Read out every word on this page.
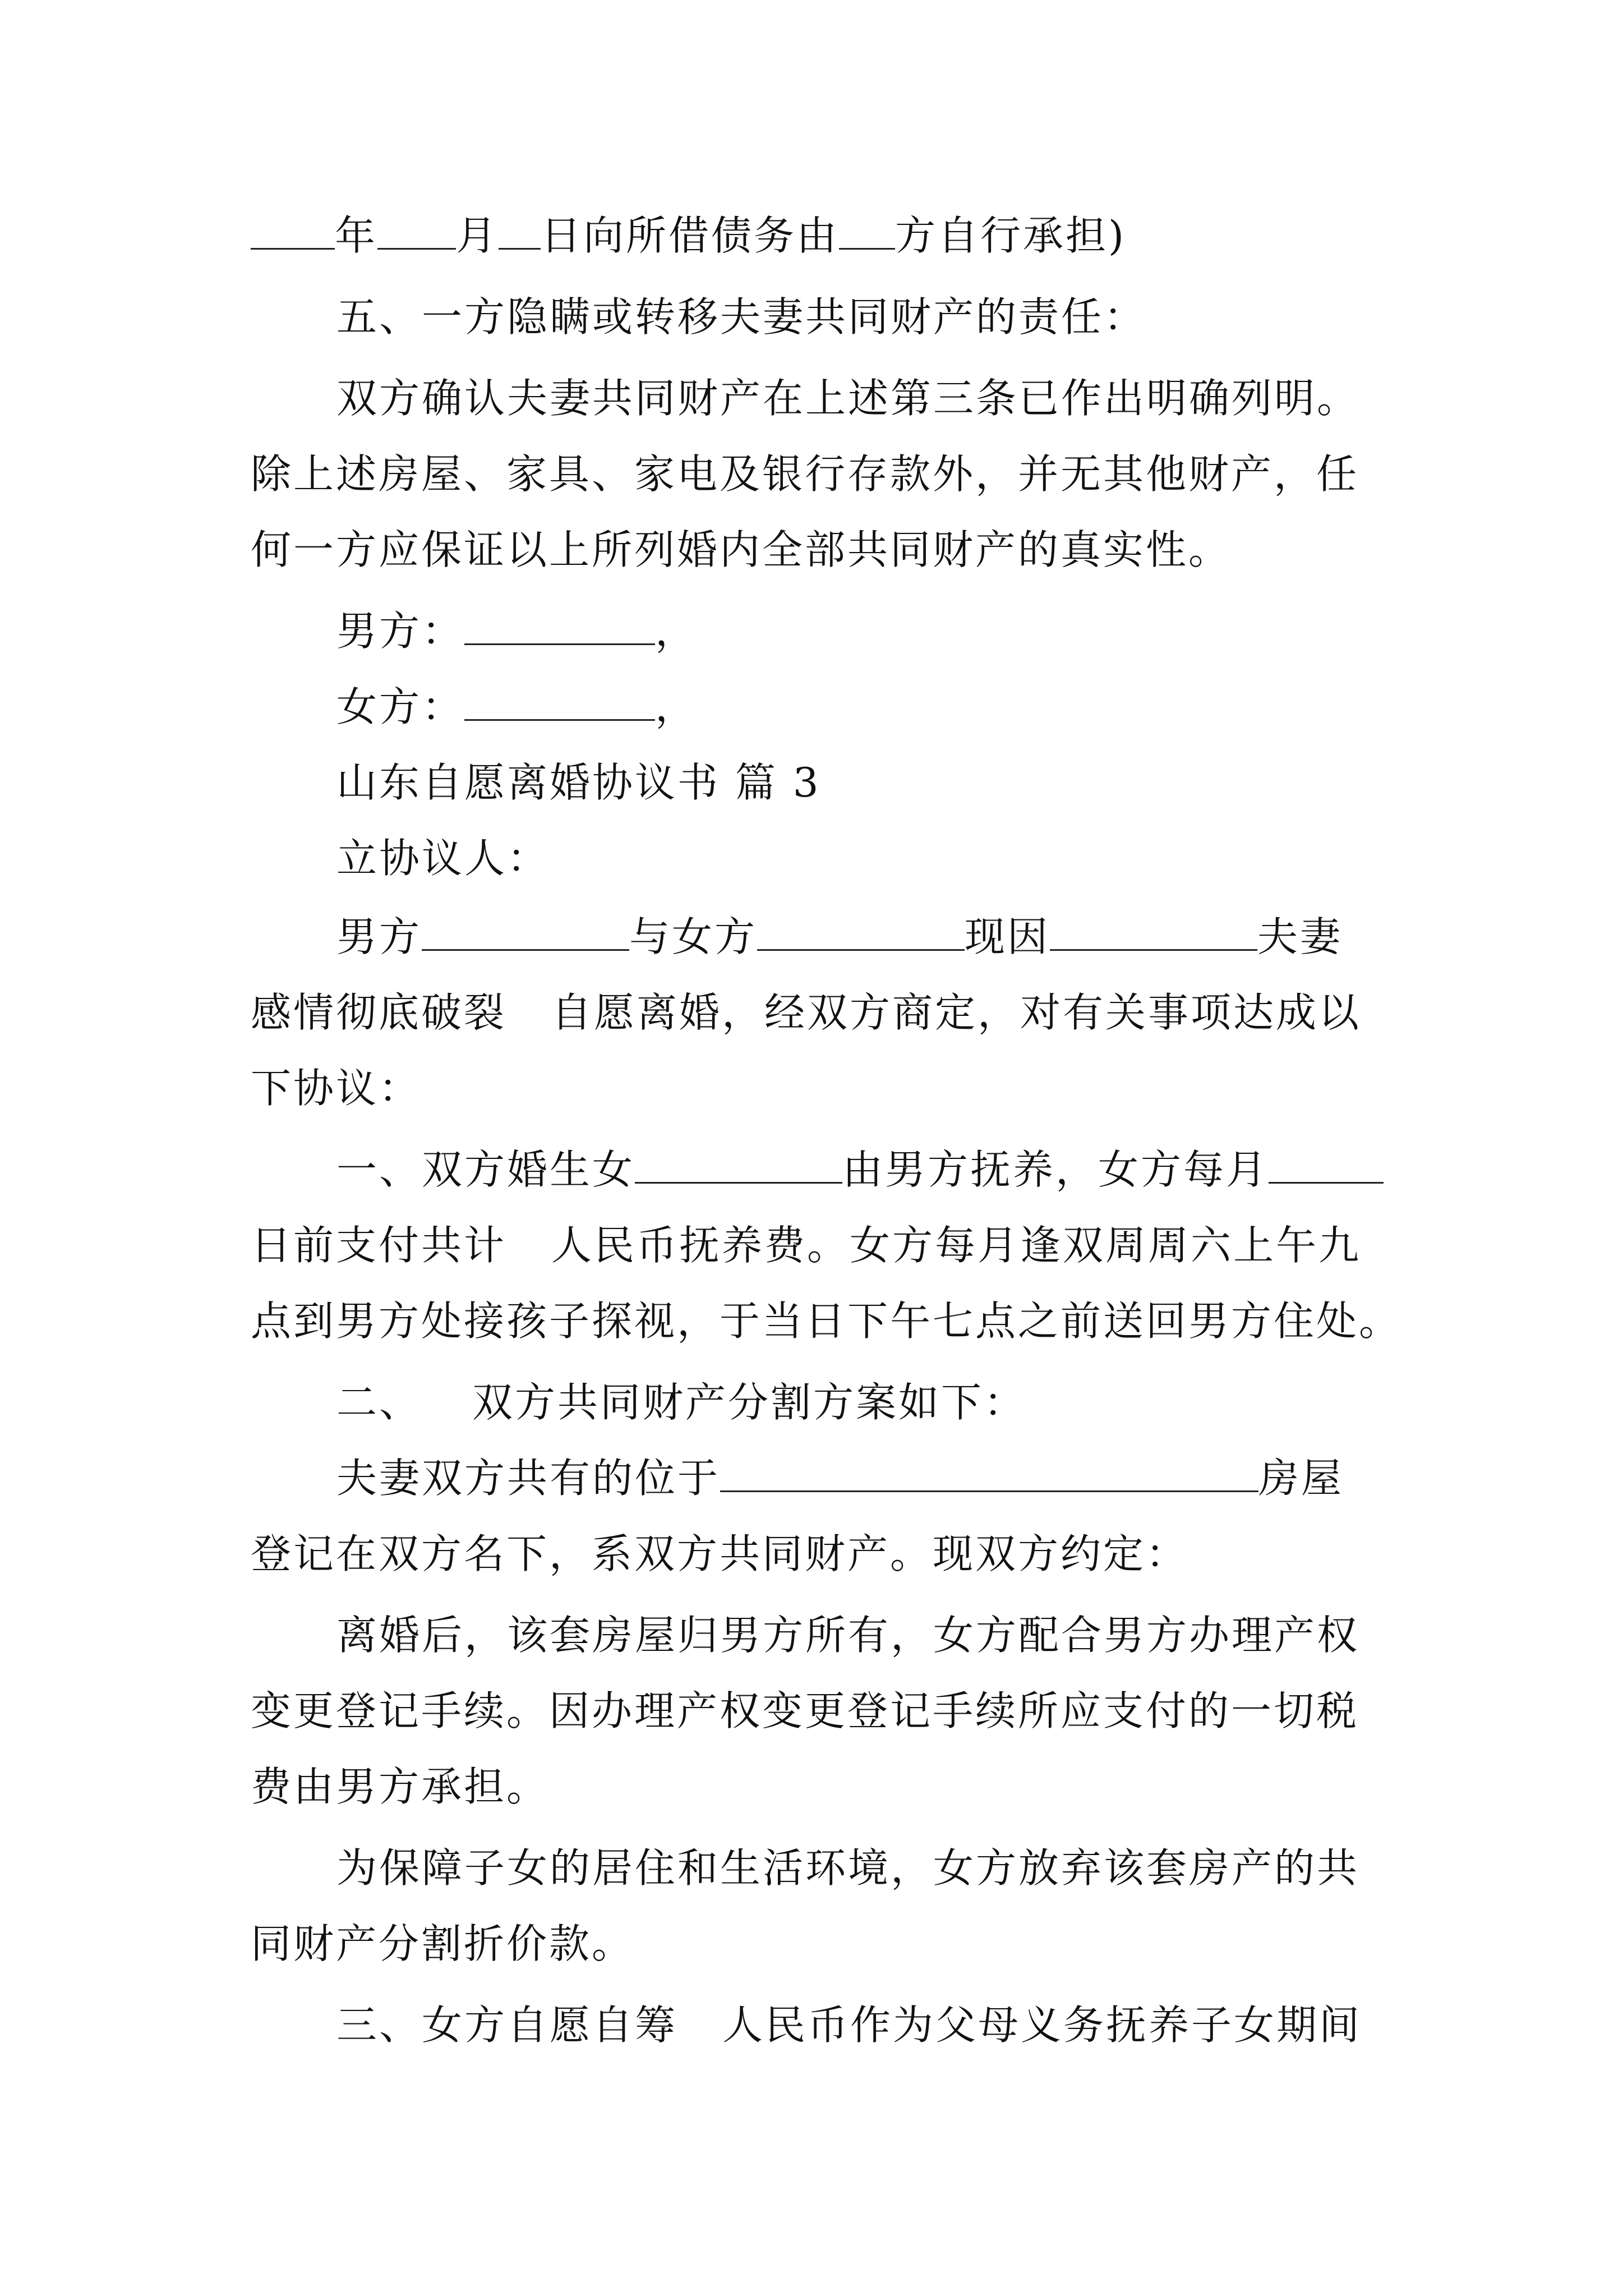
年 月 日向所借债务由 方自行承担)
五、一方隐瞒或转移夫妻共同财产的责任：
双方确认夫妻共同财产在上述第三条已作出明确列明。
除上述房屋、家具、家电及银行存款外，并无其他财产，任
何一方应保证以上所列婚内全部共同财产的真实性。
男方：	，
女方：	，
山东自愿离婚协议书 篇 3
立协议人：
男方	与女方	现因	夫妻
感情彻底破裂 自愿离婚，经双方商定，对有关事项达成以
下协议：
一、双方婚生女	由男方抚养，女方每月
日前支付共计 人民币抚养费。女方每月逢双周周六上午九
点到男方处接孩子探视，于当日下午七点之前送回男方住处。
二、 双方共同财产分割方案如下：
夫妻双方共有的位于	房屋
登记在双方名下，系双方共同财产。现双方约定：
离婚后，该套房屋归男方所有，女方配合男方办理产权
变更登记手续。因办理产权变更登记手续所应支付的一切税
费由男方承担。
为保障子女的居住和生活环境，女方放弃该套房产的共
同财产分割折价款。
三、女方自愿自筹 人民币作为父母义务抚养子女期间
